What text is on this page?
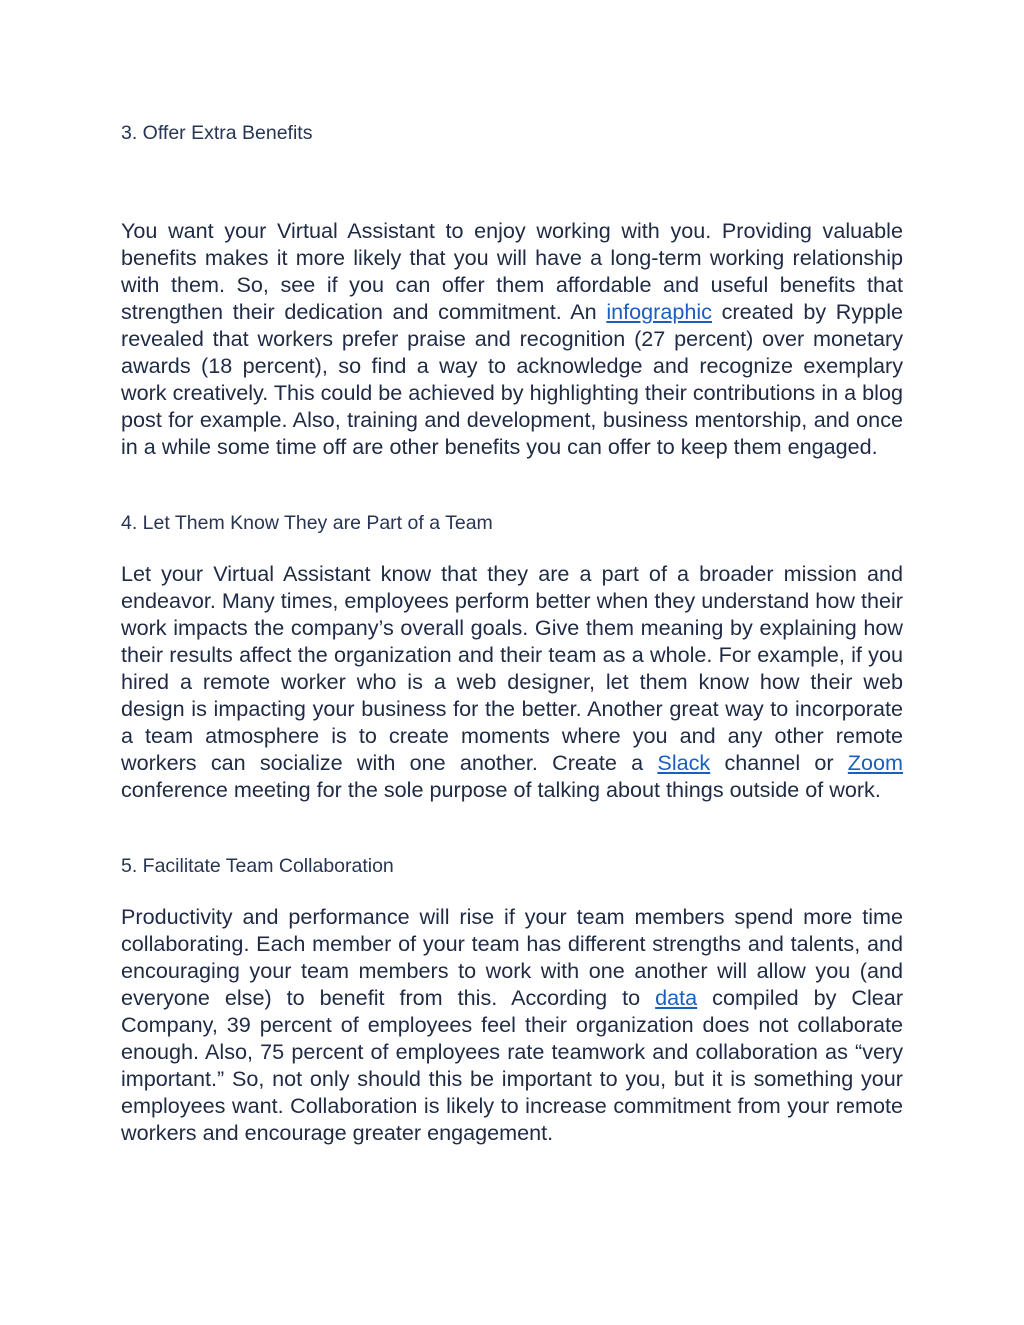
3. Offer Extra Benefits
You want your Virtual Assistant to enjoy working with you. Providing valuable benefits makes it more likely that you will have a long-term working relationship with them. So, see if you can offer them affordable and useful benefits that strengthen their dedication and commitment. An infographic created by Rypple revealed that workers prefer praise and recognition (27 percent) over monetary awards (18 percent), so find a way to acknowledge and recognize exemplary work creatively. This could be achieved by highlighting their contributions in a blog post for example. Also, training and development, business mentorship, and once in a while some time off are other benefits you can offer to keep them engaged.
4. Let Them Know They are Part of a Team
Let your Virtual Assistant know that they are a part of a broader mission and endeavor. Many times, employees perform better when they understand how their work impacts the company’s overall goals. Give them meaning by explaining how their results affect the organization and their team as a whole. For example, if you hired a remote worker who is a web designer, let them know how their web design is impacting your business for the better. Another great way to incorporate a team atmosphere is to create moments where you and any other remote workers can socialize with one another. Create a Slack channel or Zoom conference meeting for the sole purpose of talking about things outside of work.
5. Facilitate Team Collaboration
Productivity and performance will rise if your team members spend more time collaborating. Each member of your team has different strengths and talents, and encouraging your team members to work with one another will allow you (and everyone else) to benefit from this. According to data compiled by Clear Company, 39 percent of employees feel their organization does not collaborate enough. Also, 75 percent of employees rate teamwork and collaboration as “very important.” So, not only should this be important to you, but it is something your employees want. Collaboration is likely to increase commitment from your remote workers and encourage greater engagement.
